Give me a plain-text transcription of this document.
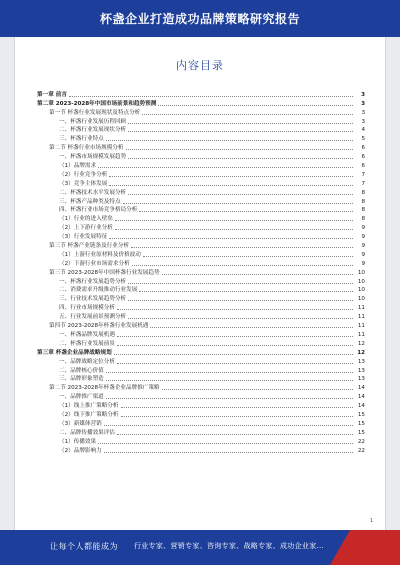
杯盏企业打造成功品牌策略研究报告
内容目录
第一章 前言	3
第二章 2023-2028年中国市场前景和趋势预测	3
第一节 杯盏行业发展现状及特点分析	3
一、杯盏行业发展历程回顾	3
二、杯盏行业发展现状分析	4
三、杯盏行业特点	5
第二节 杯盏行业市场规模分析	6
一、杯盏市场规模发展趋势	6
（1）品牌需求	6
（2）行业竞争分析	7
（3）竞争主体发展	7
二、杯盏技术水平发展分析	8
三、杯盏产品种类及特点	8
四、杯盏行业市场竞争格局分析	8
（1）行业的进入壁垒	8
（2）上下游行业分析	9
（3）行业发展特征	9
第三节 杯盏产业链条及行业分析	9
（1）上游行业原材料及价格波动	9
（2）下游行业市场需求分析	9
第三节 2023-2028年中国杯盏行业发展趋势	10
一、杯盏行业发展趋势分析	10
二、消费需求升级推动行业发展	10
三、行业技术发展趋势分析	10
四、行业市场规模分析	11
五、行业发展前景预测分析	11
第四节 2023-2028年杯盏行业发展机遇	11
一、杯盏品牌发展机遇	11
二、杯盏行业发展前景	12
第三章 杯盏企业品牌战略规划	12
一、品牌战略定位分析	13
二、品牌核心价值	13
三、品牌形象塑造	13
第二节 2023-2028年杯盏企业品牌推广策略	14
一、品牌推广渠道	14
（1）线上推广策略分析	14
（2）线下推广策略分析	15
（3）新媒体营销	15
二、品牌传播效果评估	15
（1）传播效果	22
（2）品牌影响力	22
1
让每个人都能成为 行业专家、营销专家、咨询专家、战略专家、成功企业家...
